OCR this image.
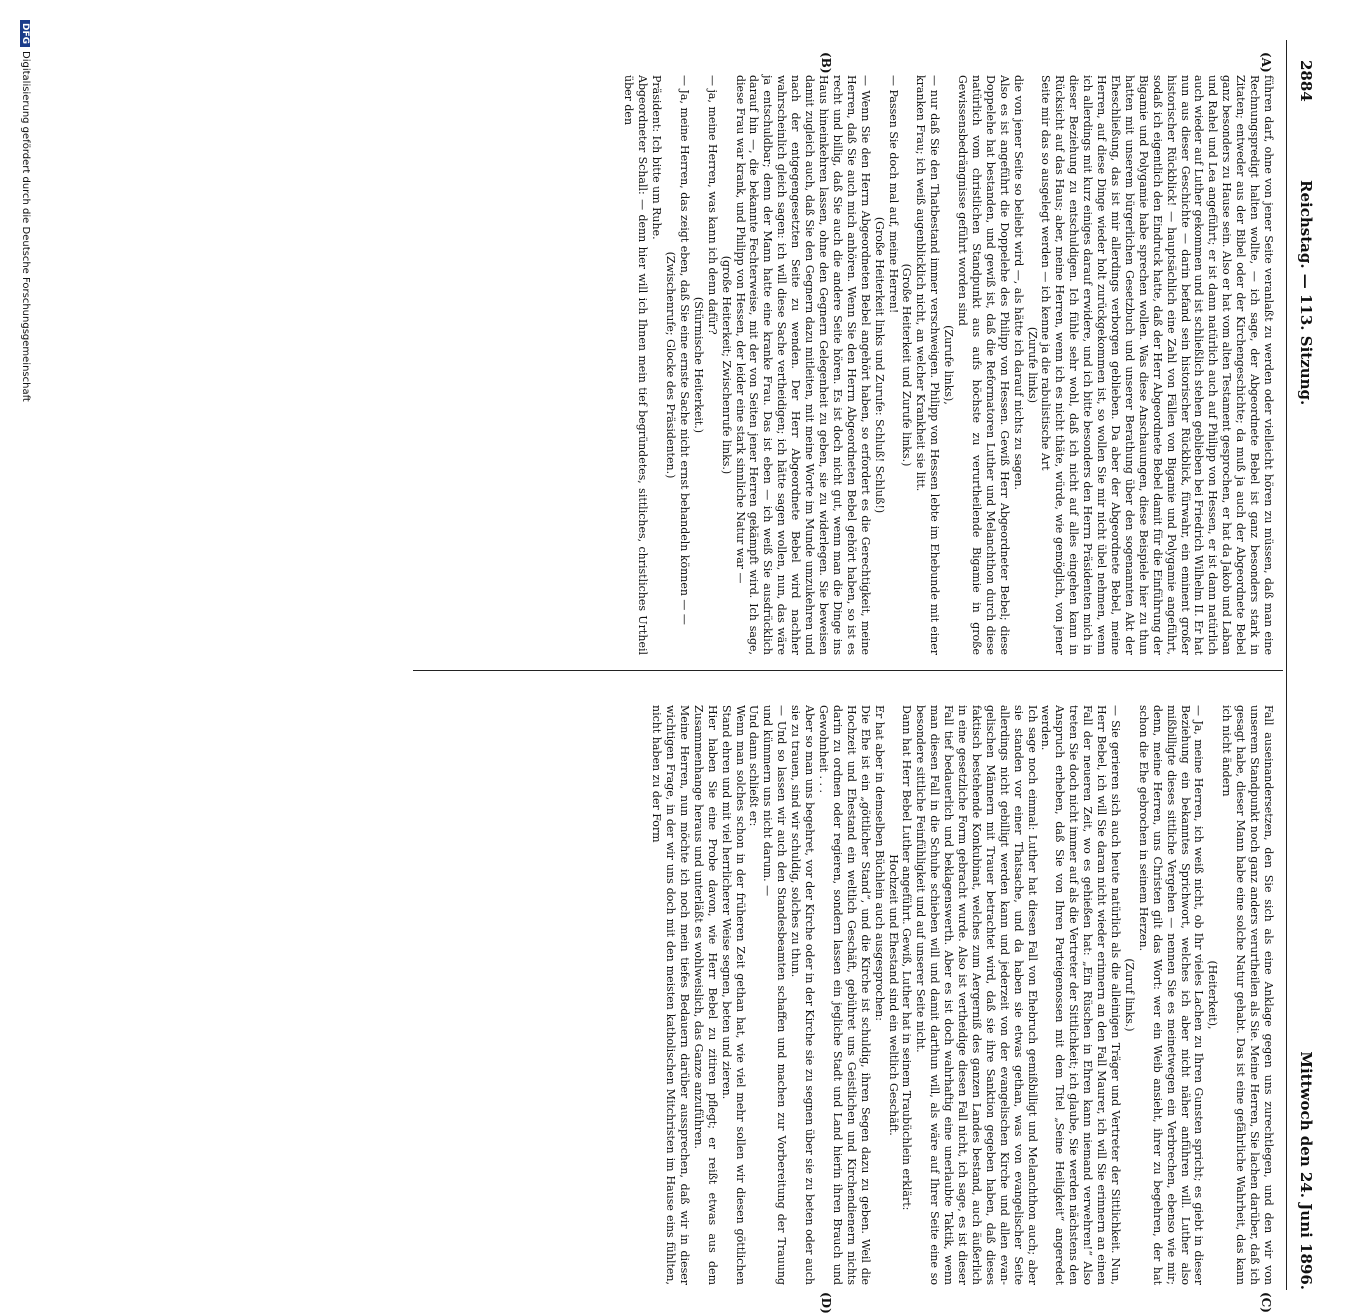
2884
Reichstag. — 113. Sitzung.
Mittwoch den 24. Juni 1896.
(A)
(B)
(C)
(D)

führen darf, ohne von jener Seite veranlaßt zu werden oder vielleicht hören zu müssen, daß man eine Rechnungspredigt halten wollte, — ich sage, der Abgeordnete Bebel ist ganz besonders stark in Zitaten; entweder aus der Bibel oder der Kirchengeschichte; da muß ja auch der Abgeordnete Bebel ganz besonders zu Hause sein. Also er hat vom alten Testament gesprochen, er hat da Jakob und Laban und Rahel und Lea angeführt; er ist dann natürlich auch auf Philipp von Hessen, er ist dann natürlich auch wieder auf Luther gekommen und ist schließlich stehen geblieben bei Friedrich Wilhelm II. Er hat nun aus dieser Geschichte — darin befand sein historischer Rückblick, fürwahr, ein eminent großer historischer Rückblick! — hauptsächlich eine Zahl von Fällen von Bigamie und Polygamie angeführt, sodaß ich eigentlich den Eindruck hatte, daß der Herr Abgeordnete Bebel damit für die Einführung der Bigamie und Polygamie habe sprechen wollen. Was diese Anschauungen, diese Beispiele hier zu thun hatten mit unserem bürgerlichen Gesetzbuch und unserer Berathung über den sogenannten Akt der Eheschließung, das ist mir allerdings verborgen geblieben. Da aber der Abgeordnete Bebel, meine Herren, auf diese Dinge wieder holt zurückgekommen ist, so wollen Sie mir nicht übel nehmen, wenn ich allerdings mit kurz einiges darauf erwidere, und ich bitte besonders den Herrn Präsidenten mich in dieser Beziehung zu entschuldigen. Ich fühle sehr wohl, daß ich nicht auf alles eingehen kann in Rücksicht auf das Haus; aber, meine Herren, wenn ich es nicht thäte, würde, wie gemöglich, von jener Seite mir das so ausgelegt werden — ich kenne ja die rabulistische Art

(Zurufe links)

die von jener Seite so beliebt wird —, als hätte ich darauf nichts zu sagen.

Also es ist angeführt die Doppelehe des Philipp von Hessen. Gewiß Herr Abgeordneter Bebel; diese Doppelehe hat bestanden, und gewiß ist, daß die Reformatoren Luther und Melanchthon durch diese natürlich vom christlichen Standpunkt aus aufs höchste zu verurtheilende Bigamie in große Gewissensbedrängnisse geführt worden sind

(Zurufe links),

— nur daß Sie den Thatbestand immer verschweigen. Philipp von Hessen lebte im Ehebunde mit einer kranken Frau; ich weiß augenblicklich nicht, an welcher Krankheit sie litt.

(Große Heiterkeit und Zurufe links.)

— Passen Sie doch mal auf, meine Herren!

(Große Heiterkeit links und Zurufe: Schluß! Schluß!)

— Wenn Sie den Herrn Abgeordneten Bebel angehört haben, so erfordert es die Gerechtigkeit, meine Herren, daß Sie auch mich anhören. Wenn Sie den Herrn Abgeordneten Bebel gehört haben, so ist es recht und billig, daß Sie auch die andere Seite hören. Es ist doch nicht gut, wenn man die Dinge ins Haus hineinkehren lassen, ohne den Gegnern Gelegenheit zu geben, sie zu widerlegen. Sie beweisen damit zugleich auch, daß Sie den Gegnern dazu mitleiten, mit meine Worte im Munde umzukehren und nach der entgegengesetzten Seite zu wenden. Der Herr Abgeordnete Bebel wird nachher wahrscheinlich gleich sagen: ich will diese Sache vertheidigen; ich hätte sagen wollen, nun, das wäre ja entschuldbar; denn der Mann hatte eine kranke Frau. Das ist eben — ich weiß Sie ausdrücklich darauf hin —, die bekannte Fechterweise, mit der von Seiten jener Herren gekämpft wird. Ich sage, diese Frau war krank, und Philipp von Hessen, der leider eine stark sinnliche Natur war —

(große Heiterkeit; Zwischenrufe links.)

— ja, meine Herren, was kann ich denn dafür?

(Stürmische Heiterkeit.)

— Ja, meine Herren, das zeigt eben, daß Sie eine ernste Sache nicht ernst behandeln können — —

(Zwischenrufe; Glocke des Präsidenten.)

Präsident: Ich bitte um Ruhe.

Abgeordneter Schall: — denn hier will ich Ihnen mein tief begründetes, sittliches, christliches Urtheil über den

Fall auseinandersetzen, den Sie sich als eine Anklage gegen uns zurechtlegen, und den wir von unserem Standpunkt noch ganz anders verurtheilen als Sie. Meine Herren, Sie lachen darüber, daß ich gesagt habe, dieser Mann habe eine solche Natur gehabt. Das ist eine gefährliche Wahrheit, das kann ich nicht ändern

(Heiterkeit),

— Ja, meine Herren, ich weiß nicht, ob Ihr vieles Lachen zu Ihren Gunsten spricht; es giebt in dieser Beziehung ein bekanntes Sprichwort, welches ich aber nicht näher anführen will. Luther also mißbilligte dieses sittliche Vergehen — nennen Sie es meinetwegen ein Verbrechen, ebenso wie mir; denn, meine Herren, uns Christen gilt das Wort: wer ein Weib ansieht, ihrer zu begehren, der hat schon die Ehe gebrochen in seinem Herzen.

(Zuruf links.)

— Sie gerieren sich auch heute natürlich als die alleinigen Träger und Vertreter der Sittlichkeit. Nun, Herr Bebel, ich will Sie daran nicht wieder erinnern an den Fall Maurer, ich will Sie erinnern an einen Fall der neueren Zeit, wo es gehießen hat: „Ein Rüschen in Ehren kann niemand verwehren!“ Also treten Sie doch nicht immer auf als die Vertreter der Sittlichkeit; ich glaube, Sie werden nächstens den Anspruch erheben, daß Sie von Ihren Parteigenossen mit dem Titel „Seine Heiligkeit“ angeredet werden.

Ich sage noch einmal: Luther hat diesen Fall von Ehebruch gemißbilligt und Melanchthon auch; aber sie standen vor einer Thatsache, und da haben sie etwas gethan, was von evangelischer Seite allerdings nicht gebilligt werden kann und jederzeit von der evangelischen Kirche und allen evangelischen Männern mit Trauer betrachtet wird, daß sie ihre Sanktion gegeben haben, daß dieses faktisch bestehende Konkubinat, welches zum Aergerniß des ganzen Landes bestand, auch äußerlich in eine gesetzliche Form gebracht wurde. Also ist vertheidige diesen Fall nicht, ich sage, es ist dieser Fall tief bedauerlich und beklagenswerth. Aber es ist doch wahrhaftig eine unerlaubte Taktik, wenn man diesen Fall in die Schuhe schieben will und damit darthun will, als wäre auf Ihrer Seite eine so besondere sittliche Feinfühligkeit und auf unserer Seite nicht.

Dann hat Herr Bebel Luther angeführt. Gewiß, Luther hat in seinem Traubüchlein erklärt:

Hochzeit und Ehestand sind ein weltlich Geschäft.

Er hat aber in demselben Büchlein auch ausgesprochen:

Die Ehe ist ein „göttlicher Stand“, und die Kirche ist schuldig, ihren Segen dazu zu geben. Weil die Hochzeit und Ehestand ein weltlich Geschäft, gebühret uns Geistlichen und Kirchendienern nichts darin zu ordnen oder regieren, sondern lassen ein jegliche Stadt und Land hierin ihren Brauch und Gewohnheit . . .

Aber so man uns begehret, vor der Kirche oder in der Kirche sie zu segnen über sie zu beten oder auch sie zu trauen, sind wir schuldig, solches zu thun.

— Und so lassen wir auch den Standesbeamten schaffen und machen zur Vorbereitung der Trauung und kümmern uns nicht darum. —

Und dann schließt er:

Wenn man solches schon in der früheren Zeit gethan hat, wie viel mehr sollen wir diesen göttlichen Stand ehren und mit viel herrlicherer Weise segnen, beten und zieren.

Hier haben Sie eine Probe davon, wie Herr Bebel zu zitiren pflegt; er reißt etwas aus dem Zusammenhange heraus und unterläßt es wohlweislich, das Ganze anzuführen.

Meine Herren, nun möchte ich noch mein tiefes Bedauern darüber aussprechen, daß wir in dieser wichtigen Frage, in der wir uns doch mit den meisten katholischen Mitchristen im Hause eins fühlten, nicht haben zu der Form

DFGDigitalisierung gefördert durch die Deutsche Forschungsgemeinschaft
